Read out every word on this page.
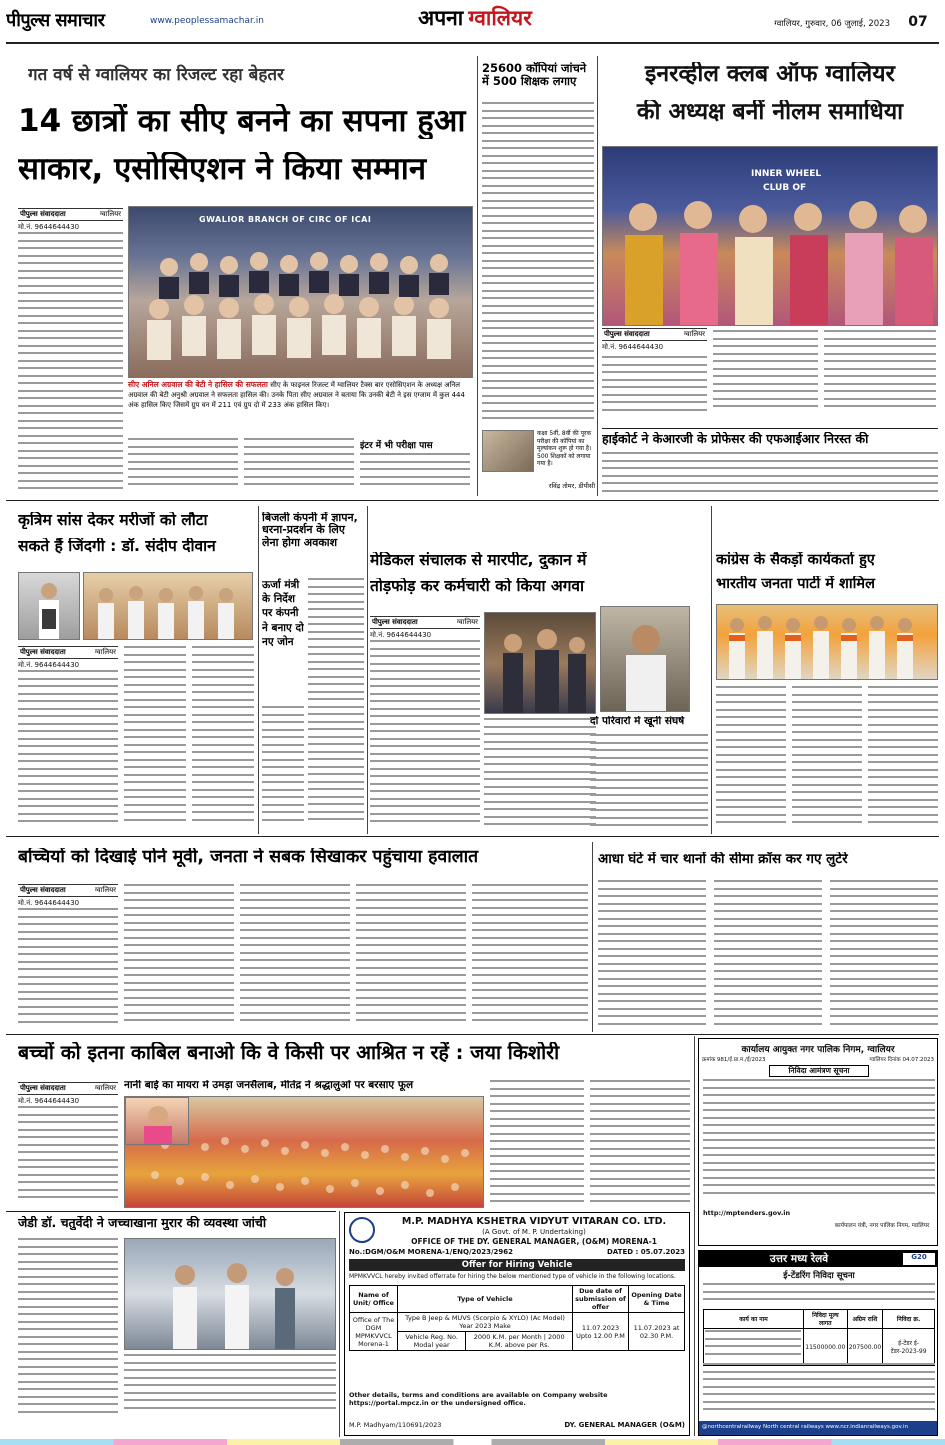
पीपुल्स समाचार	www.peoplessamachar.in	अपना ग्वालियर	ग्वालियर, गुरुवार, 06 जुलाई, 2023	07
गत वर्ष से ग्वालियर का रिजल्ट रहा बेहतर
14 छात्रों का सीए बनने का सपना हुआ
साकार, एसोसिएशन ने किया सम्मान
पीपुल्स संवाददाता	ग्वालियर
मो.नं. 9644644430
GWALIOR BRANCH OF CIRC OF ICAI
सीए अनिल अग्रवाल की बेटी ने हासिल की सफलता सीए के फाइनल रिजल्ट में ग्वालियर टैक्स बार एसोसिएशन के अध्यक्ष अनिल अग्रवाल की बेटी अनुश्री अग्रवाल ने सफलता हासिल की। उनके पिता सीए अग्रवाल ने बताया कि उनकी बेटी ने इस एग्जाम में कुल 444 अंक हासिल किए जिसमें ग्रुप वन में 211 एवं ग्रुप दो में 233 अंक हासिल किए।
इंटर में भी परीक्षा पास
25600 कॉपियां जांचने में 500 शिक्षक लगाए
कक्षा 5वीं, 8वीं की पूरक परीक्षा की कॉपियां का मूल्यांकन शुरू हो गया है। 500 शिक्षकों को लगाया गया है।
रविंद्र तोमर, डीपीसी
इनरव्हील क्लब ऑफ ग्वालियर
की अध्यक्ष बनीं नीलम समाधिया
INNER WHEEL
CLUB OF
पीपुल्स संवाददाता	ग्वालियर
मो.नं. 9644644430
हाईकोर्ट ने केआरजी के प्रोफेसर की एफआईआर निरस्त की
कृत्रिम सांस देकर मरीजों को लौटा
सकते हैं जिंदगी : डॉ. संदीप दीवान
पीपुल्स संवाददाता	ग्वालियर
मो.नं. 9644644430
बिजली कंपनी में ज्ञापन, धरना-प्रदर्शन के लिए लेना होगा अवकाश
ऊर्जा मंत्री के निर्देश पर कंपनी ने बनाए दो नए जोन
मेडिकल संचालक से मारपीट, दुकान में
तोड़फोड़ कर कर्मचारी को किया अगवा
पीपुल्स संवाददाता	ग्वालियर
मो.नं. 9644644430
दो परिवारों में खूनी संघर्ष
कांग्रेस के सैकड़ों कार्यकर्ता हुए
भारतीय जनता पार्टी में शामिल
बच्चियों को दिखाई पोर्न मूवी, जनता ने सबक सिखाकर पहुंचाया हवालात
पीपुल्स संवाददाता	ग्वालियर
मो.नं. 9644644430
आधा घंटे में चार थानों की सीमा क्रॉस कर गए लुटेरे
बच्चों को इतना काबिल बनाओ कि वे किसी पर आश्रित न रहें : जया किशोरी
पीपुल्स संवाददाता	ग्वालियर
मो.नं. 9644644430
नानी बाई का मायरा में उमड़ा जनसैलाब, मीतेंद्र ने श्रद्धालुओं पर बरसाए फूल
जेडी डॉ. चतुर्वेदी ने जच्चाखाना मुरार की व्यवस्था जांची	M.P. MADHYA KSHETRA VIDYUT VITARAN CO. LTD.
(A Govt. of M. P. Undertaking)
OFFICE OF THE DY. GENERAL MANAGER, (O&M) MORENA-1
No.:DGM/O&M MORENA-1/ENQ/2023/2962	DATED : 05.07.2023
Offer for Hiring Vehicle
MPMKVVCL hereby invited offerrate for hiring the below mentioned type of vehicle in the following locations.
Name of Unit/ Office	Type of Vehicle		Due date of submission of offer	Opening Date & Time
Office of The DGM MPMKVVCL Morena-1	Type B Jeep & MUVS (Scorpio & XYLO) (Ac Model) Year 2023 Make		11.07.2023 Upto 12.00 P.M	11.07.2023 at 02.30 P.M.
	Vehicle Reg. No. Modal year	2000 K.M. per Month | 2000 K.M. above per Rs.		
Other details, terms and conditions are available on Company website https://portal.mpcz.in or the undersigned office.
M.P. Madhyam/110691/2023	DY. GENERAL MANAGER (O&M)
कार्यालय आयुक्त नगर पालिक निगम, ग्वालियर
क्रमांक 981/ई.प्रा.म./ई/2023	ग्वालियर दिनांक 04.07.2023
निविदा आमंत्रण सूचना
http://mptenders.gov.in
कार्यपालन यंत्री, नगर पालिक निगम, ग्वालियर
उत्तर मध्य रेलवे	G20
ई-टेंडरिंग निविदा सूचना
कार्य का नाम	निविदा मूल्य लागत	अग्रिम राशि	निविदा क्र.

	11500000.00	207500.00	ई-टेंडर ई-टेंडर-2023-99
@northcentralrailway North central railways www.ncr.indianrailways.gov.in
